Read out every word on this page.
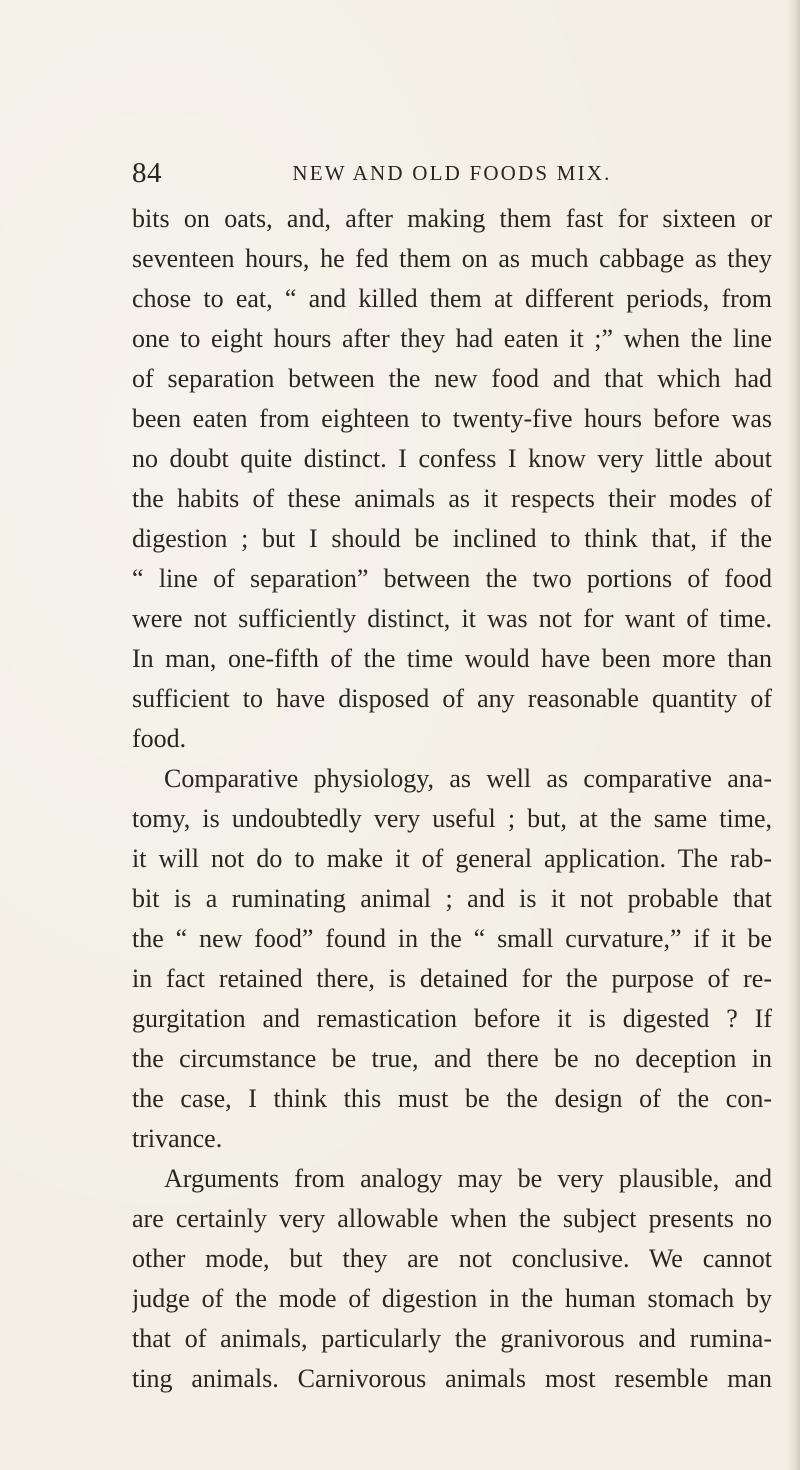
84	NEW AND OLD FOODS MIX.
bits on oats, and, after making them fast for sixteen or
seventeen hours, he fed them on as much cabbage as they
chose to eat, “ and killed them at different periods, from
one to eight hours after they had eaten it ;” when the line
of separation between the new food and that which had
been eaten from eighteen to twenty-five hours before was
no doubt quite distinct. I confess I know very little about
the habits of these animals as it respects their modes of
digestion ; but I should be inclined to think that, if the
“ line of separation” between the two portions of food
were not sufficiently distinct, it was not for want of time.
In man, one-fifth of the time would have been more than
sufficient to have disposed of any reasonable quantity of
food.
Comparative physiology, as well as comparative ana-
tomy, is undoubtedly very useful ; but, at the same time,
it will not do to make it of general application. The rab-
bit is a ruminating animal ; and is it not probable that
the “ new food” found in the “ small curvature,” if it be
in fact retained there, is detained for the purpose of re-
gurgitation and remastication before it is digested ? If
the circumstance be true, and there be no deception in
the case, I think this must be the design of the con-
trivance.
Arguments from analogy may be very plausible, and
are certainly very allowable when the subject presents no
other mode, but they are not conclusive. We cannot
judge of the mode of digestion in the human stomach by
that of animals, particularly the granivorous and rumina-
ting animals. Carnivorous animals most resemble man
